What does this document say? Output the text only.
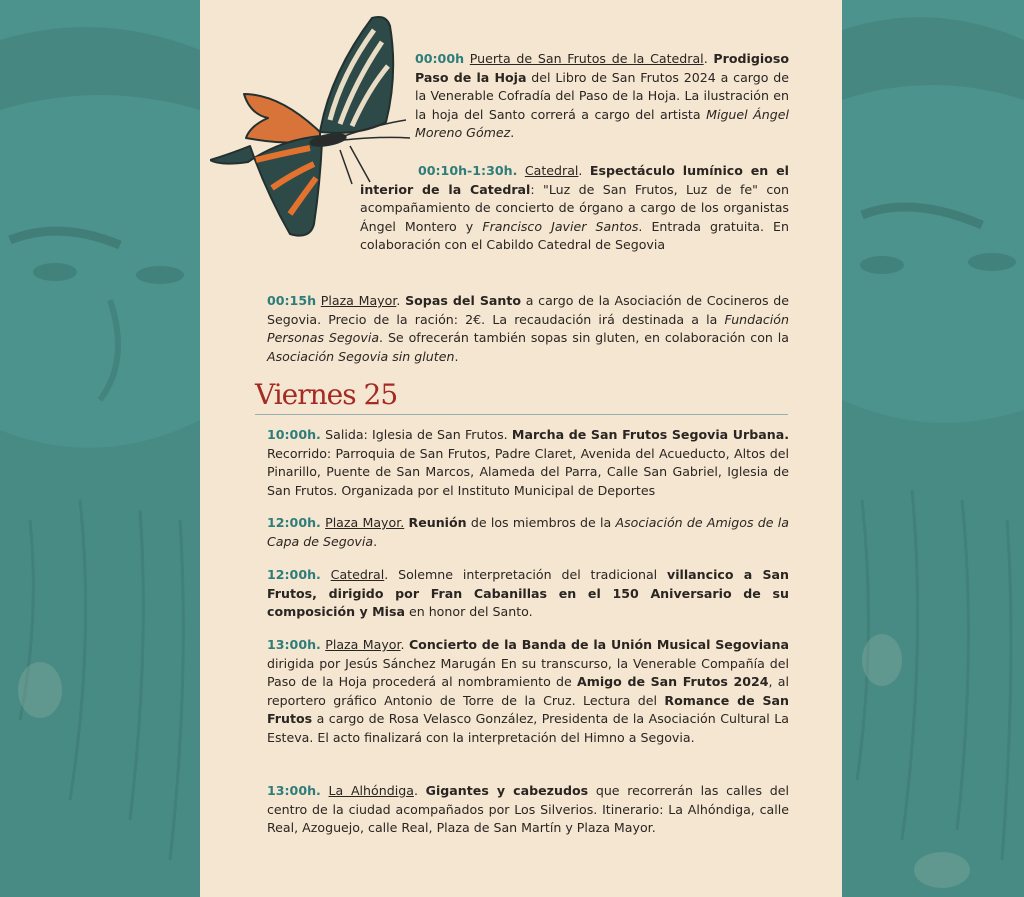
00:00h Puerta de San Frutos de la Catedral. Prodigioso Paso de la Hoja del Libro de San Frutos 2024 a cargo de la Venerable Cofradía del Paso de la Hoja. La ilustración en la hoja del Santo correrá a cargo del artista Miguel Ángel Moreno Gómez.

00:10h-1:30h. Catedral. Espectáculo lumínico en el interior de la Catedral: "Luz de San Frutos, Luz de fe" con acompañamiento de concierto de órgano a cargo de los organistas Ángel Montero y Francisco Javier Santos. Entrada gratuita. En colaboración con el Cabildo Catedral de Segovia

00:15h Plaza Mayor. Sopas del Santo a cargo de la Asociación de Cocineros de Segovia. Precio de la ración: 2€. La recaudación irá destinada a la Fundación Personas Segovia. Se ofrecerán también sopas sin gluten, en colaboración con la Asociación Segovia sin gluten.

Viernes 25

10:00h. Salida: Iglesia de San Frutos. Marcha de San Frutos Segovia Urbana. Recorrido: Parroquia de San Frutos, Padre Claret, Avenida del Acueducto, Altos del Pinarillo, Puente de San Marcos, Alameda del Parra, Calle San Gabriel, Iglesia de San Frutos. Organizada por el Instituto Municipal de Deportes

12:00h. Plaza Mayor. Reunión de los miembros de la Asociación de Amigos de la Capa de Segovia.

12:00h. Catedral. Solemne interpretación del tradicional villancico a San Frutos, dirigido por Fran Cabanillas en el 150 Aniversario de su composición y Misa en honor del Santo.

13:00h. Plaza Mayor. Concierto de la Banda de la Unión Musical Segoviana dirigida por Jesús Sánchez Marugán En su transcurso, la Venerable Compañía del Paso de la Hoja procederá al nombramiento de Amigo de San Frutos 2024, al reportero gráfico Antonio de Torre de la Cruz. Lectura del Romance de San Frutos a cargo de Rosa Velasco González, Presidenta de la Asociación Cultural La Esteva. El acto finalizará con la interpretación del Himno a Segovia.

13:00h. La Alhóndiga. Gigantes y cabezudos que recorrerán las calles del centro de la ciudad acompañados por Los Silverios. Itinerario: La Alhóndiga, calle Real, Azoguejo, calle Real, Plaza de San Martín y Plaza Mayor.
